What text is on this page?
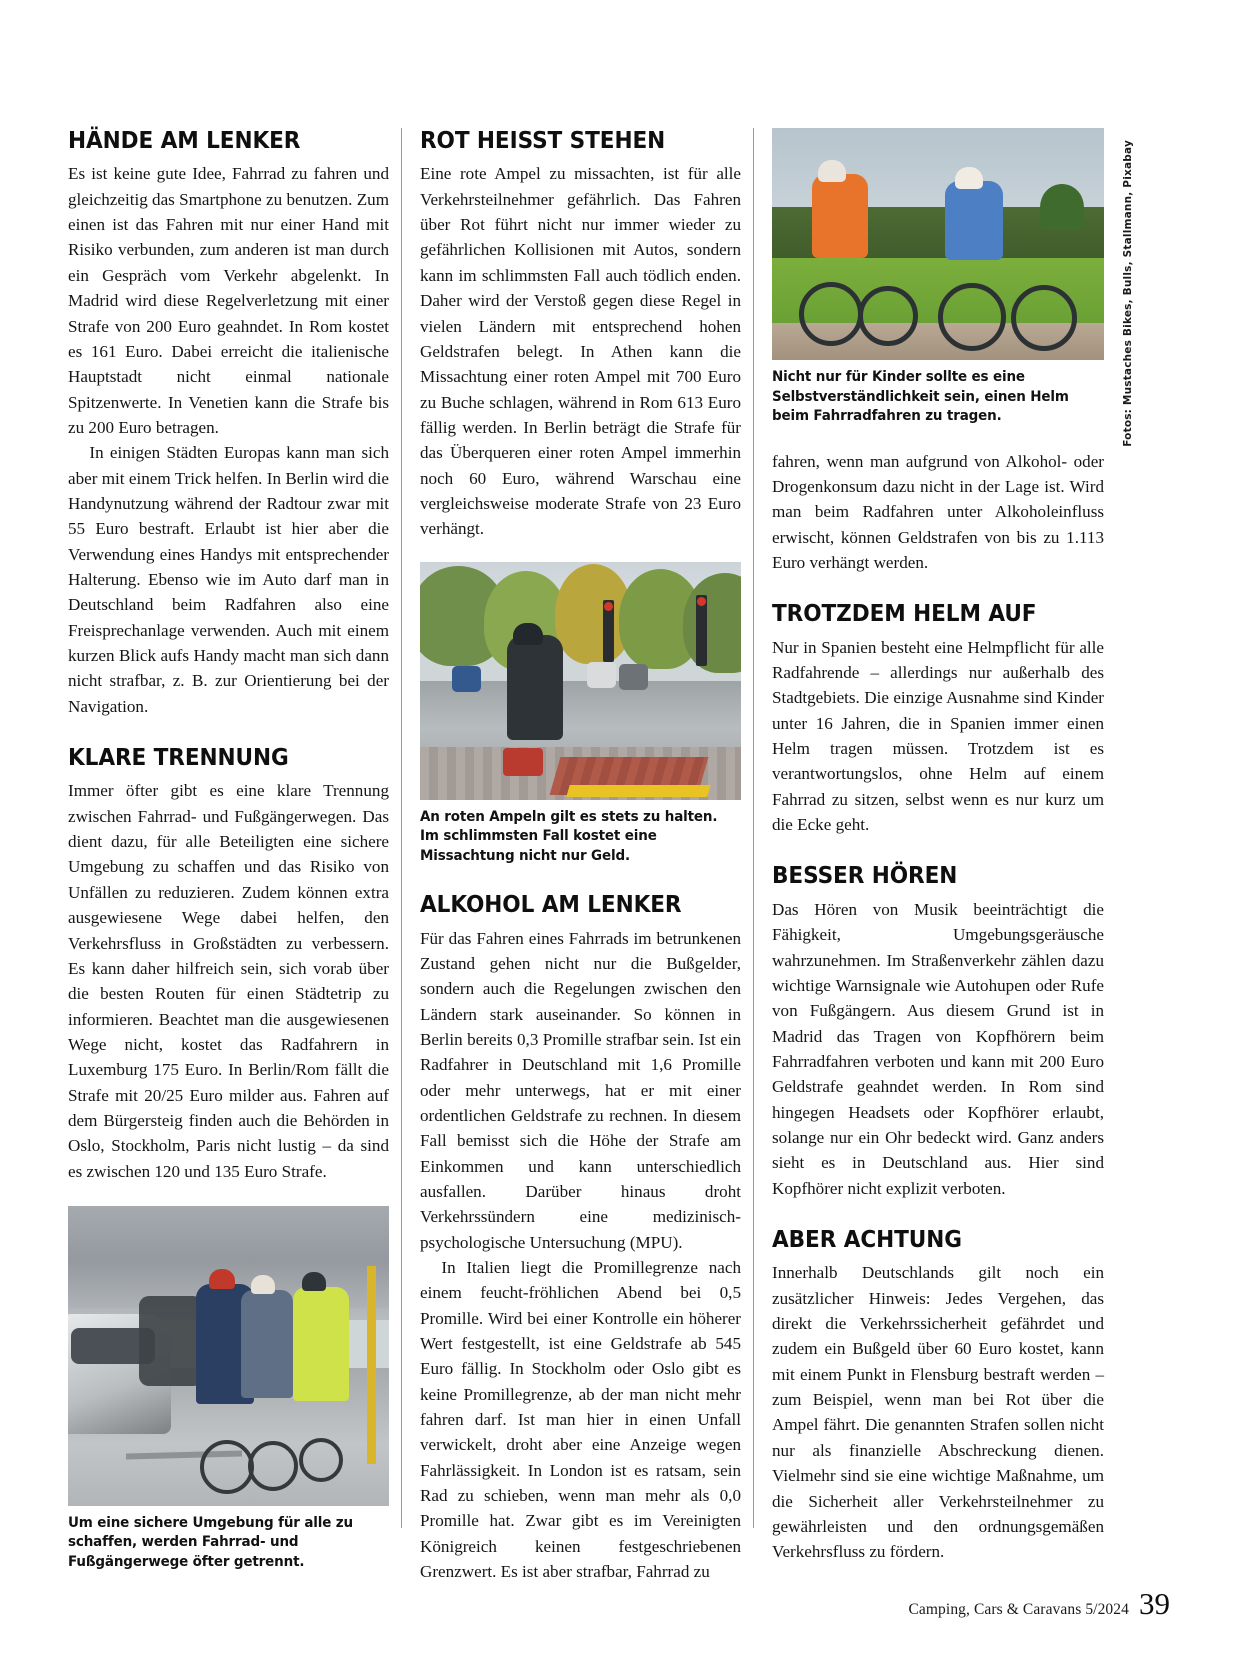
HÄNDE AM LENKER

Es ist keine gute Idee, Fahrrad zu fahren und gleichzeitig das Smartphone zu benutzen. Zum einen ist das Fahren mit nur einer Hand mit Risiko verbunden, zum anderen ist man durch ein Gespräch vom Verkehr abgelenkt. In Madrid wird diese Regelverletzung mit einer Strafe von 200 Euro geahndet. In Rom kostet es 161 Euro. Dabei erreicht die italienische Hauptstadt nicht einmal nationale Spitzenwerte. In Venetien kann die Strafe bis zu 200 Euro betragen.

In einigen Städten Europas kann man sich aber mit einem Trick helfen. In Berlin wird die Handynutzung während der Radtour zwar mit 55 Euro bestraft. Erlaubt ist hier aber die Verwendung eines Handys mit entsprechender Halterung. Ebenso wie im Auto darf man in Deutschland beim Radfahren also eine Freisprechanlage verwenden. Auch mit einem kurzen Blick aufs Handy macht man sich dann nicht strafbar, z. B. zur Orientierung bei der Navigation.

KLARE TRENNUNG

Immer öfter gibt es eine klare Trennung zwischen Fahrrad- und Fußgängerwegen. Das dient dazu, für alle Beteiligten eine sichere Umgebung zu schaffen und das Risiko von Unfällen zu reduzieren. Zudem können extra ausgewiesene Wege dabei helfen, den Verkehrsfluss in Großstädten zu verbessern. Es kann daher hilfreich sein, sich vorab über die besten Routen für einen Städtetrip zu informieren. Beachtet man die ausgewiesenen Wege nicht, kostet das Radfahrern in Luxemburg 175 Euro. In Berlin/Rom fällt die Strafe mit 20/25 Euro milder aus. Fahren auf dem Bürgersteig finden auch die Behörden in Oslo, Stockholm, Paris nicht lustig – da sind es zwischen 120 und 135 Euro Strafe.

Um eine sichere Umgebung für alle zu schaffen, werden Fahrrad- und Fußgängerwege öfter getrennt.

ROT HEISST STEHEN

Eine rote Ampel zu missachten, ist für alle Verkehrsteilnehmer gefährlich. Das Fahren über Rot führt nicht nur immer wieder zu gefährlichen Kollisionen mit Autos, sondern kann im schlimmsten Fall auch tödlich enden. Daher wird der Verstoß gegen diese Regel in vielen Ländern mit entsprechend hohen Geldstrafen belegt. In Athen kann die Missachtung einer roten Ampel mit 700 Euro zu Buche schlagen, während in Rom 613 Euro fällig werden. In Berlin beträgt die Strafe für das Überqueren einer roten Ampel immerhin noch 60 Euro, während Warschau eine vergleichsweise moderate Strafe von 23 Euro verhängt.

An roten Ampeln gilt es stets zu halten. Im schlimmsten Fall kostet eine Missachtung nicht nur Geld.

ALKOHOL AM LENKER

Für das Fahren eines Fahrrads im betrunkenen Zustand gehen nicht nur die Bußgelder, sondern auch die Regelungen zwischen den Ländern stark auseinander. So können in Berlin bereits 0,3 Promille strafbar sein. Ist ein Radfahrer in Deutschland mit 1,6 Promille oder mehr unterwegs, hat er mit einer ordentlichen Geldstrafe zu rechnen. In diesem Fall bemisst sich die Höhe der Strafe am Einkommen und kann unterschiedlich ausfallen. Darüber hinaus droht Verkehrssündern eine medizinisch-psychologische Untersuchung (MPU).

In Italien liegt die Promillegrenze nach einem feucht-fröhlichen Abend bei 0,5 Promille. Wird bei einer Kontrolle ein höherer Wert festgestellt, ist eine Geldstrafe ab 545 Euro fällig. In Stockholm oder Oslo gibt es keine Promillegrenze, ab der man nicht mehr fahren darf. Ist man hier in einen Unfall verwickelt, droht aber eine Anzeige wegen Fahrlässigkeit. In London ist es ratsam, sein Rad zu schieben, wenn man mehr als 0,0 Promille hat. Zwar gibt es im Vereinigten Königreich keinen festgeschriebenen Grenzwert. Es ist aber strafbar, Fahrrad zu

Nicht nur für Kinder sollte es eine Selbstverständlichkeit sein, einen Helm beim Fahrradfahren zu tragen.

fahren, wenn man aufgrund von Alkohol- oder Drogenkonsum dazu nicht in der Lage ist. Wird man beim Radfahren unter Alkoholeinfluss erwischt, können Geldstrafen von bis zu 1.113 Euro verhängt werden.

TROTZDEM HELM AUF

Nur in Spanien besteht eine Helmpflicht für alle Radfahrende – allerdings nur außerhalb des Stadtgebiets. Die einzige Ausnahme sind Kinder unter 16 Jahren, die in Spanien immer einen Helm tragen müssen. Trotzdem ist es verantwortungslos, ohne Helm auf einem Fahrrad zu sitzen, selbst wenn es nur kurz um die Ecke geht.

BESSER HÖREN

Das Hören von Musik beeinträchtigt die Fähigkeit, Umgebungsgeräusche wahrzunehmen. Im Straßenverkehr zählen dazu wichtige Warnsignale wie Autohupen oder Rufe von Fußgängern. Aus diesem Grund ist in Madrid das Tragen von Kopfhörern beim Fahrradfahren verboten und kann mit 200 Euro Geldstrafe geahndet werden. In Rom sind hingegen Headsets oder Kopfhörer erlaubt, solange nur ein Ohr bedeckt wird. Ganz anders sieht es in Deutschland aus. Hier sind Kopfhörer nicht explizit verboten.

ABER ACHTUNG

Innerhalb Deutschlands gilt noch ein zusätzlicher Hinweis: Jedes Vergehen, das direkt die Verkehrssicherheit gefährdet und zudem ein Bußgeld über 60 Euro kostet, kann mit einem Punkt in Flensburg bestraft werden – zum Beispiel, wenn man bei Rot über die Ampel fährt. Die genannten Strafen sollen nicht nur als finanzielle Abschreckung dienen. Vielmehr sind sie eine wichtige Maßnahme, um die Sicherheit aller Verkehrsteilnehmer zu gewährleisten und den ordnungsgemäßen Verkehrsfluss zu fördern.

Fotos: Mustaches Bikes, Bulls, Stallmann, Pixabay
Camping, Cars & Caravans 5/2024 39
